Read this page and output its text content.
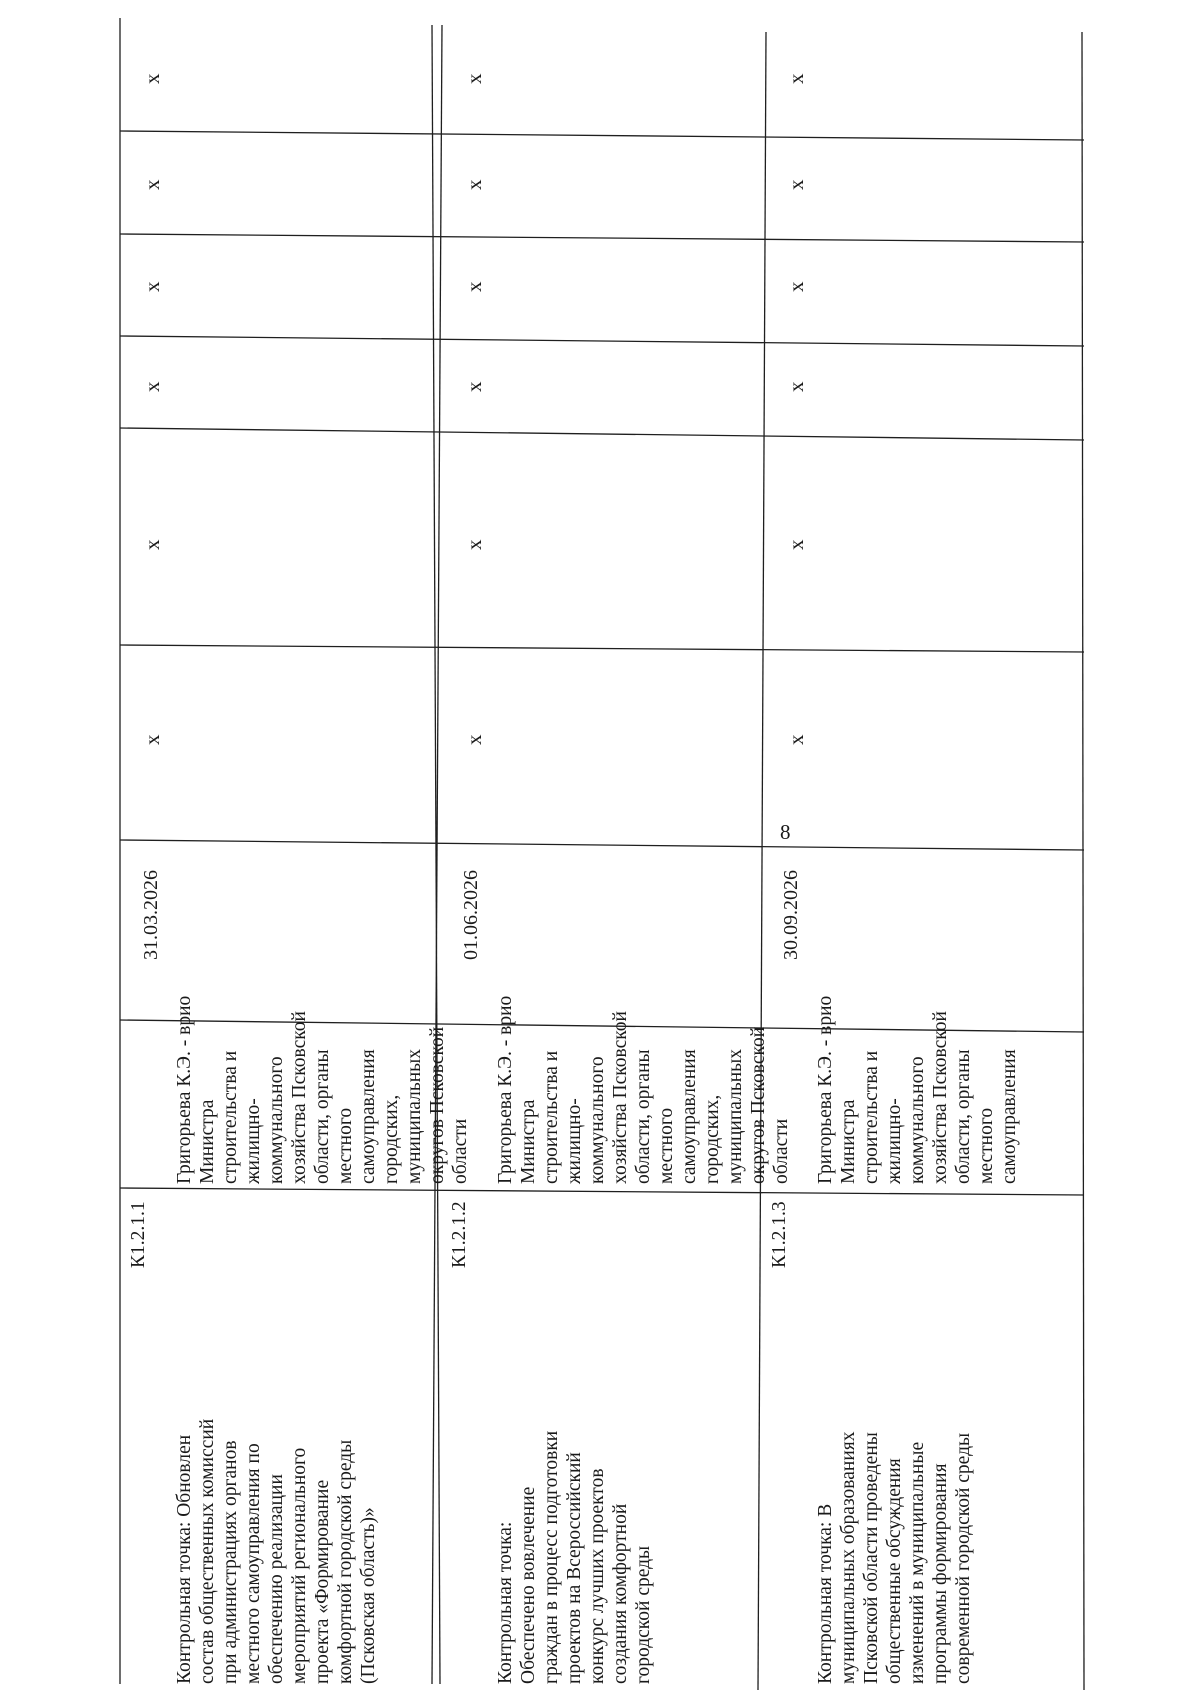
8
К1.2.1.1

Контрольная точка: Обновлен состав общественных комиссий при администрациях органов местного самоуправления по обеспечению реализации мероприятий регионального проекта «Формирование комфортной городской среды (Псковская область)»

Григорьева К.Э. - врио Министра строительства и жилищно- коммунального хозяйства Псковской области, органы местного самоуправления городских, муниципальных округов Псковской области

31.03.2026
х
х
х
х
х
х
К1.2.1.2

Контрольная точка: Обеспечено вовлечение граждан в процесс подготовки проектов на Всероссийский конкурс лучших проектов создания комфортной городской среды

Григорьева К.Э. - врио Министра строительства и жилищно- коммунального хозяйства Псковской области, органы местного самоуправления городских, муниципальных округов Псковской области

01.06.2026
х
х
х
х
х
х
К1.2.1.3

Контрольная точка: В муниципальных образованиях Псковской области проведены общественные обсуждения изменений в муниципальные программы формирования современной городской среды

Григорьева К.Э. - врио Министра строительства и жилищно- коммунального хозяйства Псковской области, органы местного самоуправления

30.09.2026
х
х
х
х
х
х
